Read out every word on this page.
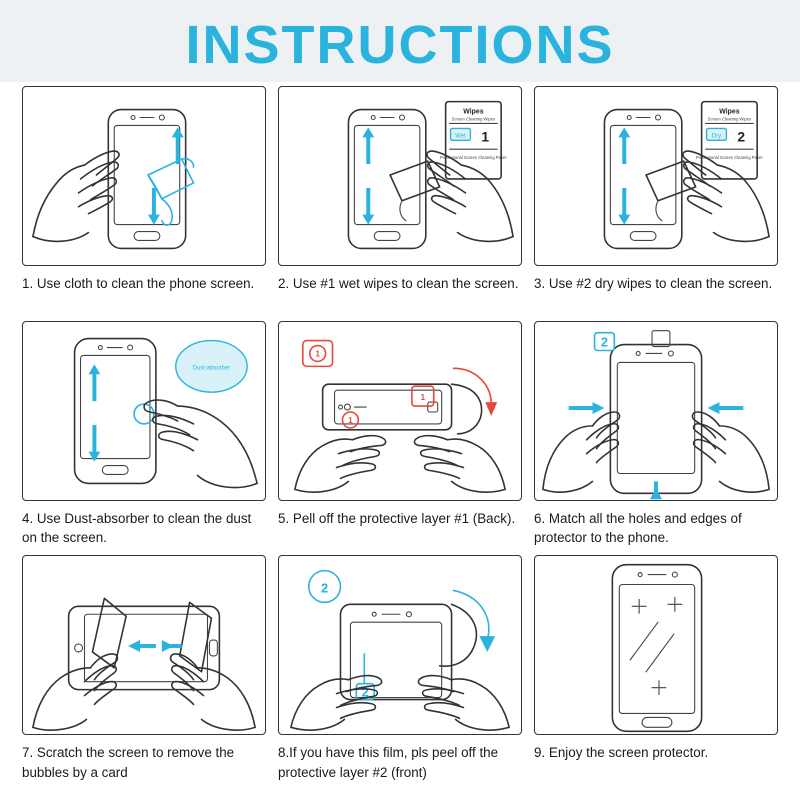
INSTRUCTIONS
1. Use cloth to clean the phone screen.
Wipes
Screen Cleaning Wipes
Wet 1
Professional Screen Cleaning Paper
2. Use #1 wet wipes to clean the screen.
Wipes
Screen Cleaning Wipes
Dry 2
Professional Screen Cleaning Paper
3. Use #2 dry wipes to clean the screen.
Dust-absorber
4. Use Dust-absorber to clean the dust on the screen.
1
1
1
5. Pell off the protective layer #1 (Back).
2
6. Match all the holes and edges of protector to the phone.
7. Scratch the screen to remove the bubbles by a card
2
2
8.If you have this film, pls peel off the protective layer #2 (front)
9. Enjoy the screen protector.
